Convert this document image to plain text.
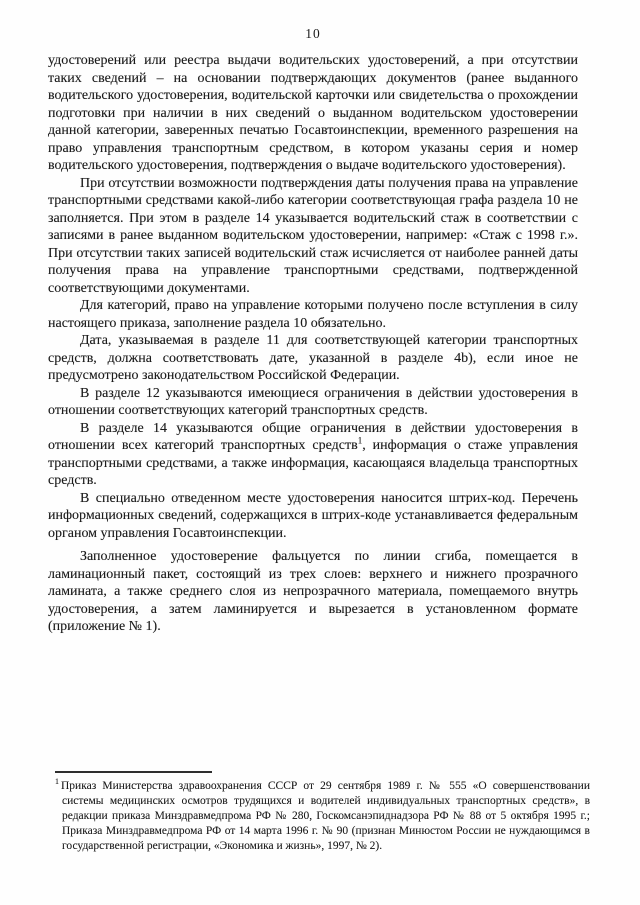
10

удостоверений или реестра выдачи водительских удостоверений, а при отсутствии таких сведений – на основании подтверждающих документов (ранее выданного водительского удостоверения, водительской карточки или свидетельства о прохождении подготовки при наличии в них сведений о выданном водительском удостоверении данной категории, заверенных печатью Госавтоинспекции, временного разрешения на право управления транспортным средством, в котором указаны серия и номер водительского удостоверения, подтверждения о выдаче водительского удостоверения).

При отсутствии возможности подтверждения даты получения права на управление транспортными средствами какой-либо категории соответствующая графа раздела 10 не заполняется. При этом в разделе 14 указывается водительский стаж в соответствии с записями в ранее выданном водительском удостоверении, например: «Стаж с 1998 г.». При отсутствии таких записей водительский стаж исчисляется от наиболее ранней даты получения права на управление транспортными средствами, подтвержденной соответствующими документами.

Для категорий, право на управление которыми получено после вступления в силу настоящего приказа, заполнение раздела 10 обязательно.

Дата, указываемая в разделе 11 для соответствующей категории транспортных средств, должна соответствовать дате, указанной в разделе 4b), если иное не предусмотрено законодательством Российской Федерации.

В разделе 12 указываются имеющиеся ограничения в действии удостоверения в отношении соответствующих категорий транспортных средств.

В разделе 14 указываются общие ограничения в действии удостоверения в отношении всех категорий транспортных средств$^1$, информация о стаже управления транспортными средствами, а также информация, касающаяся владельца транспортных средств.

В специально отведенном месте удостоверения наносится штрих-код. Перечень информационных сведений, содержащихся в штрих-коде устанавливается федеральным органом управления Госавтоинспекции.

Заполненное удостоверение фальцуется по линии сгиба, помещается в ламинационный пакет, состоящий из трех слоев: верхнего и нижнего прозрачного ламината, а также среднего слоя из непрозрачного материала, помещаемого внутрь удостоверения, а затем ламинируется и вырезается в установленном формате (приложение № 1).

$^1$ Приказ Министерства здравоохранения СССР от 29 сентября 1989 г. № 555 «О совершенствовании системы медицинских осмотров трудящихся и водителей индивидуальных транспортных средств», в редакции приказа Минздравмедпрома РФ № 280, Госкомсанэпиднадзора РФ № 88 от 5 октября 1995 г.; Приказа Минздравмедпрома РФ от 14 марта 1996 г. № 90 (признан Минюстом России не нуждающимся в государственной регистрации, «Экономика и жизнь», 1997, № 2).
